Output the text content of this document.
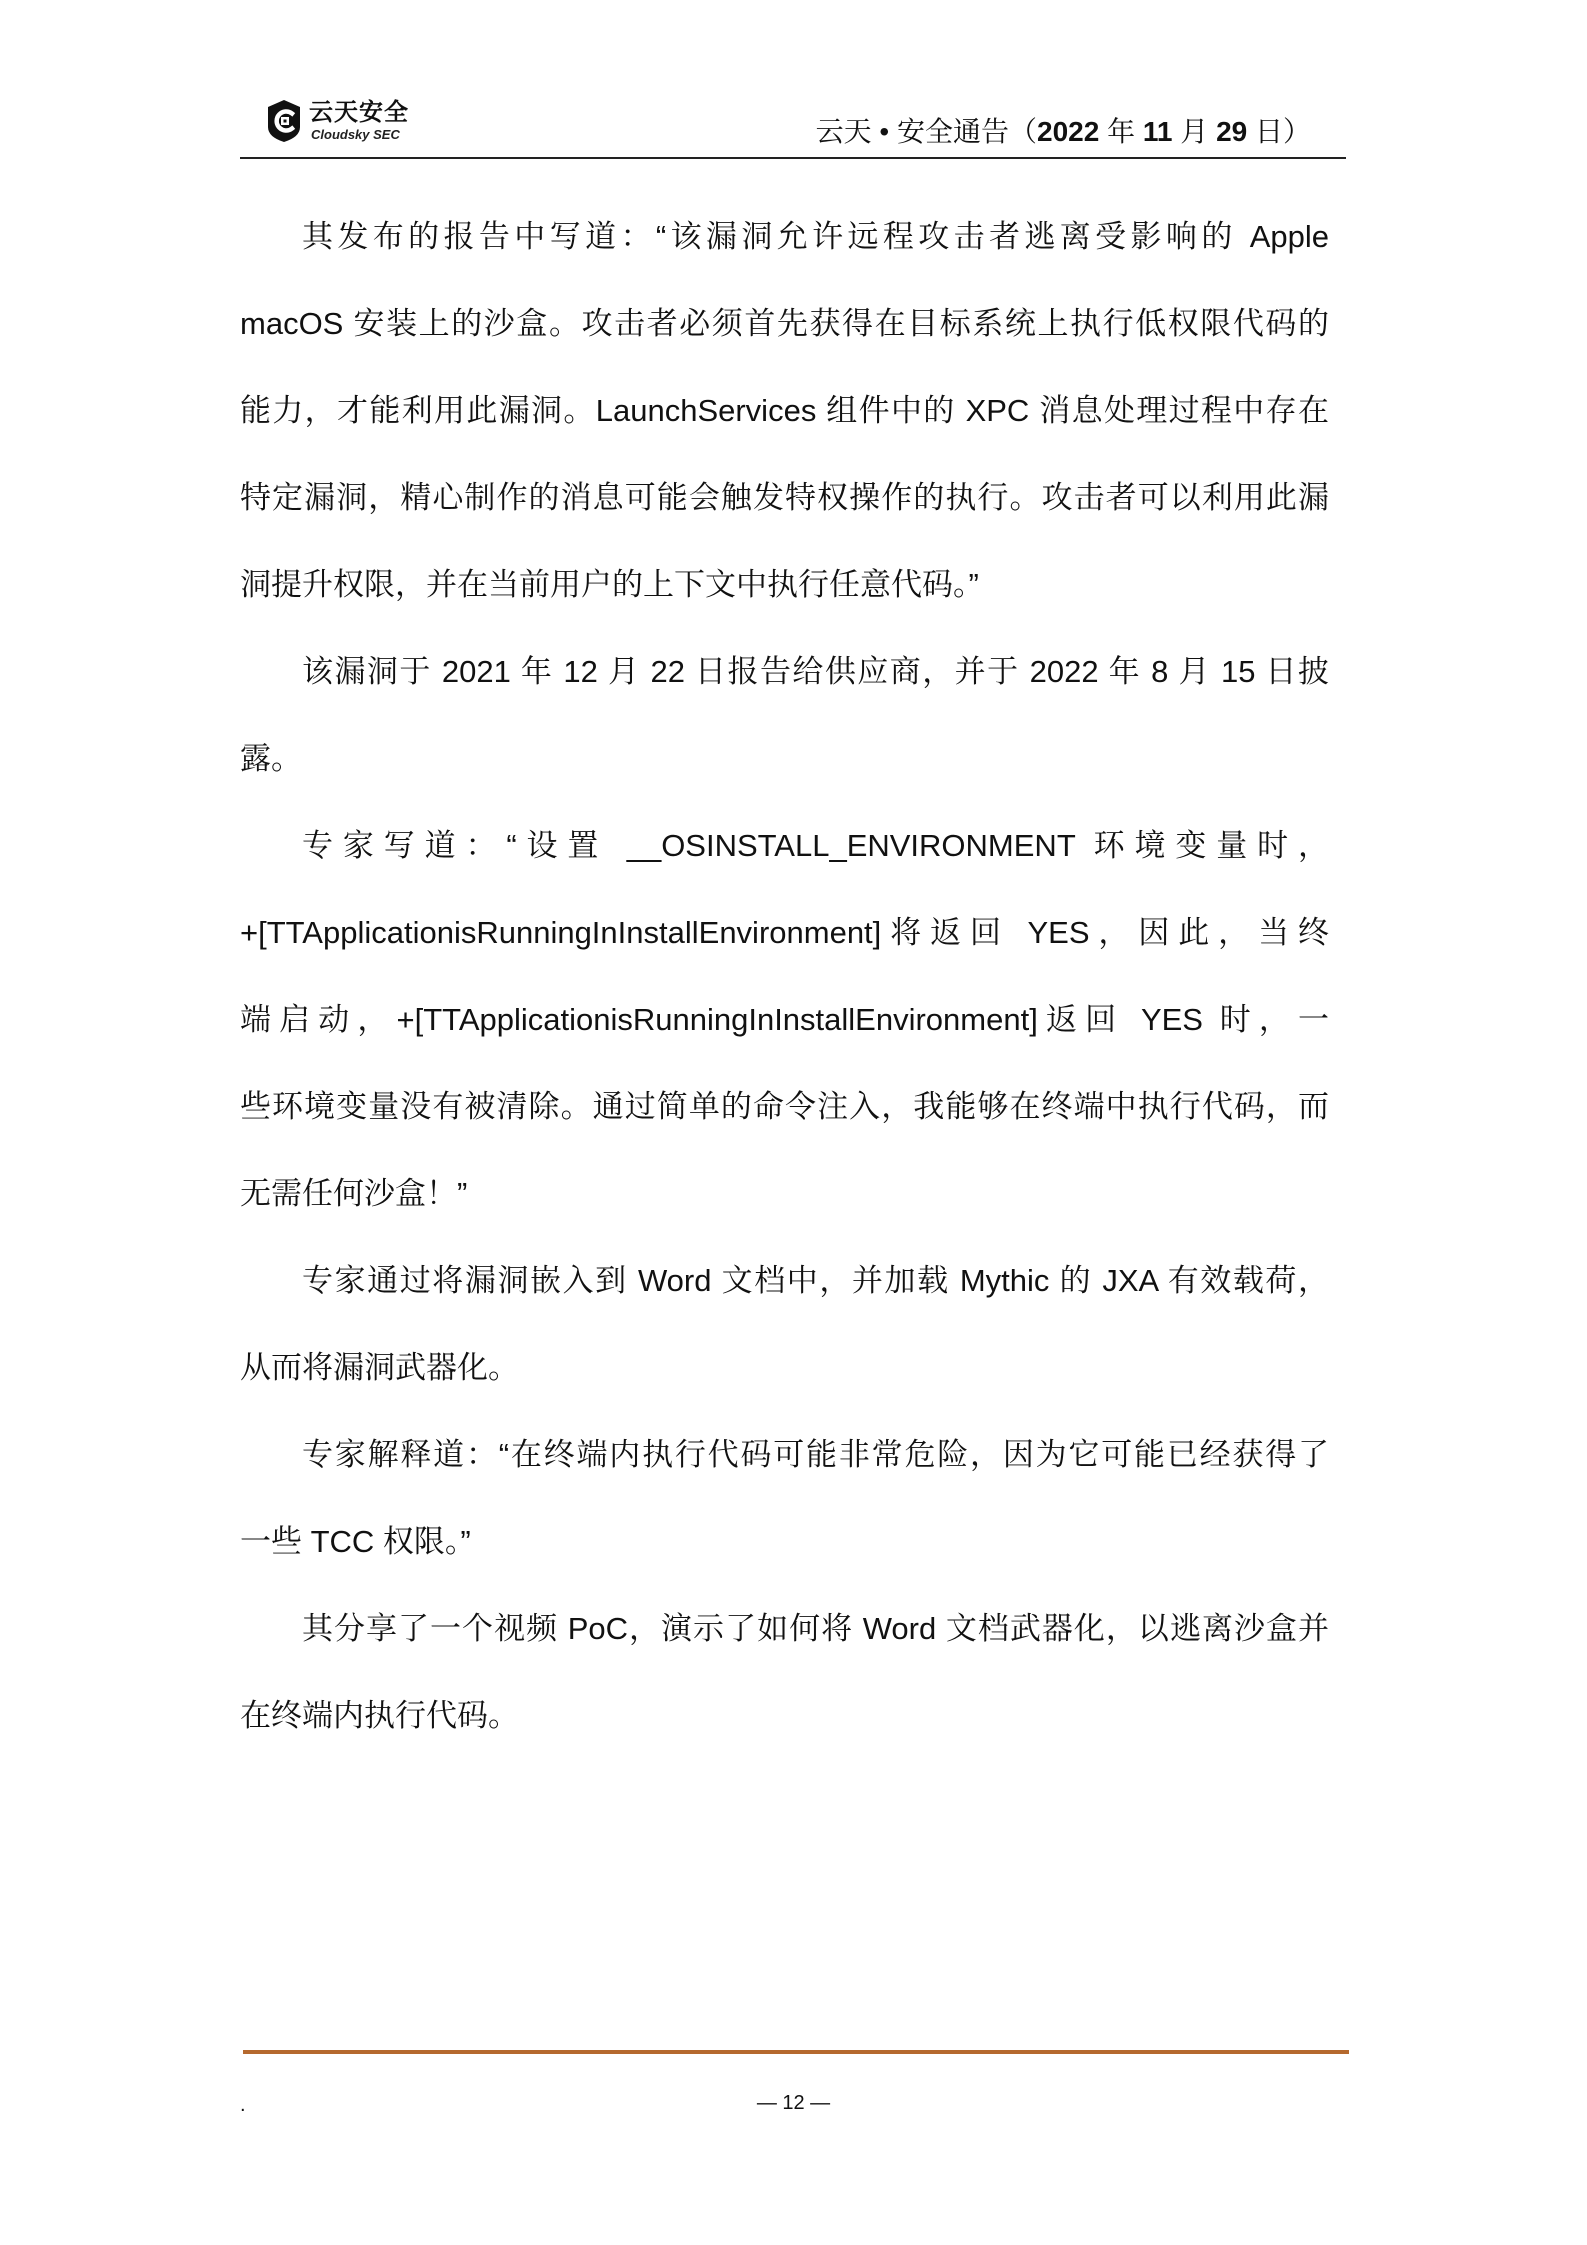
云天安全
Cloudsky SEC	云天 • 安全通告（2022 年 11 月 29 日）
其发布的报告中写道：“该漏洞允许远程攻击者逃离受影响的 Apple
macOS 安装上的沙盒。攻击者必须首先获得在目标系统上执行低权限代码的
能力，才能利用此漏洞。LaunchServices 组件中的 XPC 消息处理过程中存在
特定漏洞，精心制作的消息可能会触发特权操作的执行。攻击者可以利用此漏
洞提升权限，并在当前用户的上下文中执行任意代码。”
该漏洞于 2021 年 12 月 22 日报告给供应商，并于 2022 年 8 月 15 日披
露。
专家写道：“设置 __OSINSTALL_ENVIRONMENT 环境变量时，
+[TTApplicationisRunningInInstallEnvironment]将返回 YES，因此，当终
端启动，+[TTApplicationisRunningInInstallEnvironment]返回 YES 时，一
些环境变量没有被清除。通过简单的命令注入，我能够在终端中执行代码，而
无需任何沙盒！”
专家通过将漏洞嵌入到 Word 文档中，并加载 Mythic 的 JXA 有效载荷，
从而将漏洞武器化。
专家解释道：“在终端内执行代码可能非常危险，因为它可能已经获得了
一些 TCC 权限。”
其分享了一个视频 PoC，演示了如何将 Word 文档武器化，以逃离沙盒并
在终端内执行代码。
.	— 12 —
